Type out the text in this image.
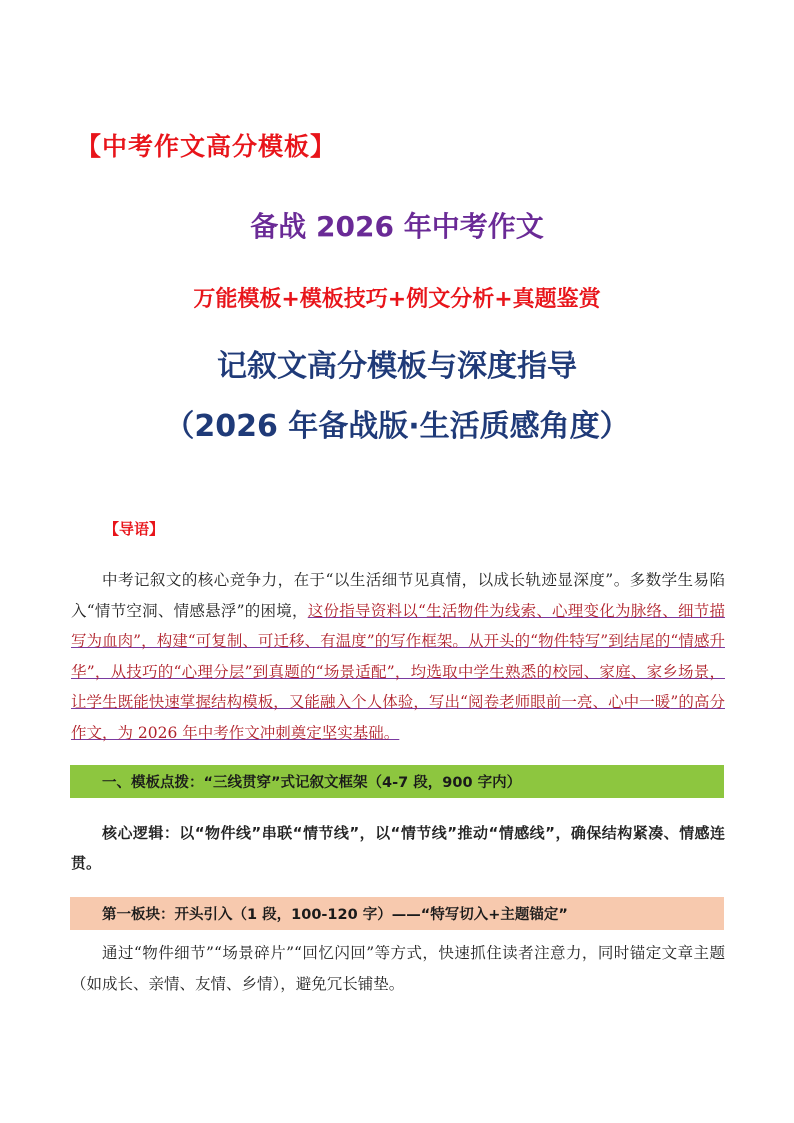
【中考作文高分模板】
备战 2026 年中考作文
万能模板+模板技巧+例文分析+真题鉴赏
记叙文高分模板与深度指导
（2026 年备战版·生活质感角度）
【导语】

中考记叙文的核心竞争力，在于“以生活细节见真情，以成长轨迹显深度”。多数学生易陷入“情节空洞、情感悬浮”的困境，这份指导资料以“生活物件为线索、心理变化为脉络、细节描写为血肉”，构建“可复制、可迁移、有温度”的写作框架。从开头的“物件特写”到结尾的“情感升华”，从技巧的“心理分层”到真题的“场景适配”，均选取中学生熟悉的校园、家庭、家乡场景，让学生既能快速掌握结构模板，又能融入个人体验，写出“阅卷老师眼前一亮、心中一暖”的高分作文，为 2026 年中考作文冲刺奠定坚实基础。

一、模板点拨：“三线贯穿”式记叙文框架（4-7 段，900 字内）

核心逻辑：以“物件线”串联“情节线”，以“情节线”推动“情感线”，确保结构紧凑、情感连贯。

第一板块：开头引入（1 段，100-120 字）——“特写切入+主题锚定”

通过“物件细节”“场景碎片”“回忆闪回”等方式，快速抓住读者注意力，同时锚定文章主题（如成长、亲情、友情、乡情），避免冗长铺垫。
